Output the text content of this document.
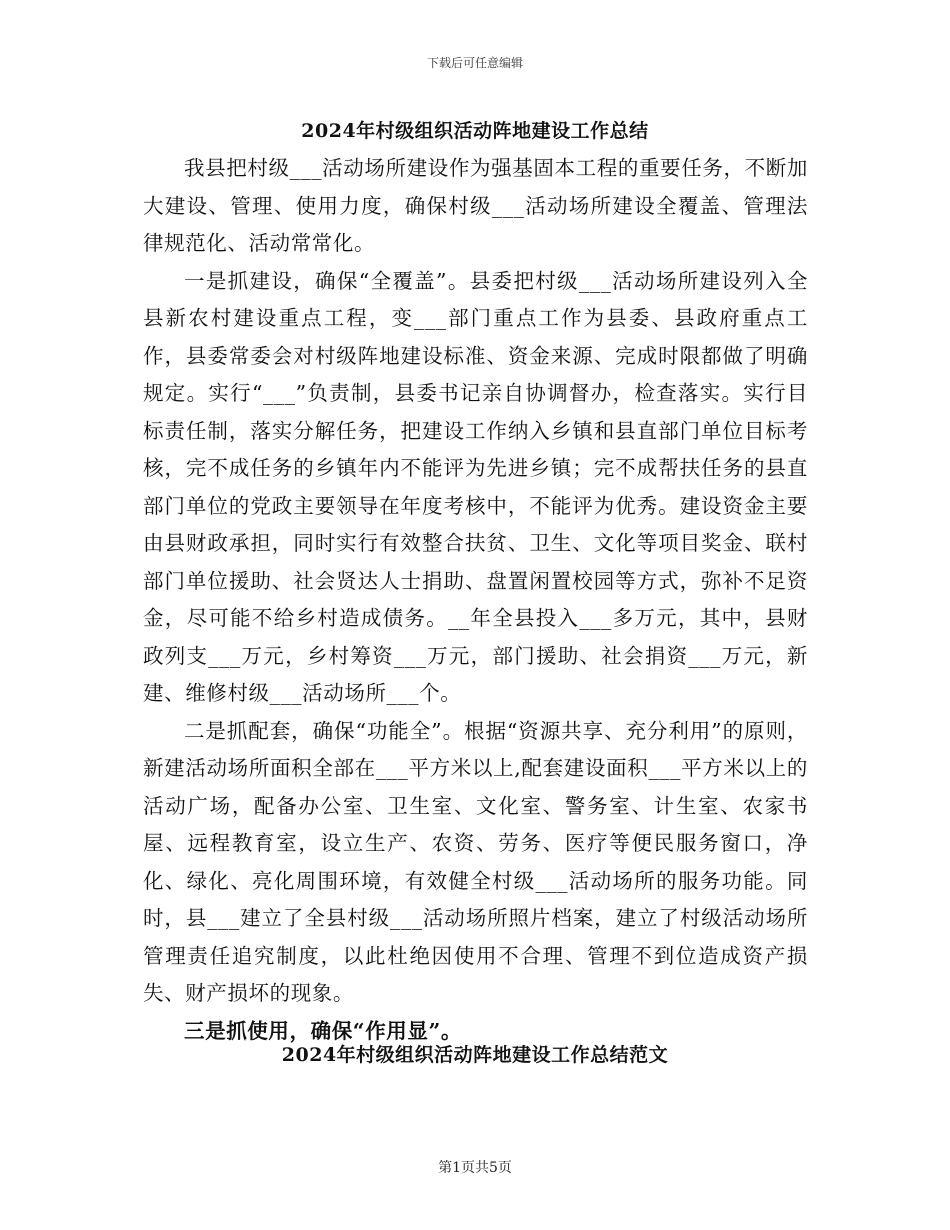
下载后可任意编辑
2024年村级组织活动阵地建设工作总结

我县把村级___活动场所建设作为强基固本工程的重要任务，不断加大建设、管理、使用力度，确保村级___活动场所建设全覆盖、管理法律规范化、活动常常化。

一是抓建设，确保“全覆盖”。县委把村级___活动场所建设列入全县新农村建设重点工程，变___部门重点工作为县委、县政府重点工作，县委常委会对村级阵地建设标准、资金来源、完成时限都做了明确规定。实行“___”负责制，县委书记亲自协调督办，检查落实。实行目标责任制，落实分解任务，把建设工作纳入乡镇和县直部门单位目标考核，完不成任务的乡镇年内不能评为先进乡镇；完不成帮扶任务的县直部门单位的党政主要领导在年度考核中，不能评为优秀。建设资金主要由县财政承担，同时实行有效整合扶贫、卫生、文化等项目奖金、联村部门单位援助、社会贤达人士捐助、盘置闲置校园等方式，弥补不足资金，尽可能不给乡村造成债务。__年全县投入___多万元，其中，县财政列支___万元，乡村筹资___万元，部门援助、社会捐资___万元，新建、维修村级___活动场所___个。

二是抓配套，确保“功能全”。根据“资源共享、充分利用”的原则，新建活动场所面积全部在___平方米以上,配套建设面积___平方米以上的活动广场，配备办公室、卫生室、文化室、警务室、计生室、农家书屋、远程教育室，设立生产、农资、劳务、医疗等便民服务窗口，净化、绿化、亮化周围环境，有效健全村级___活动场所的服务功能。同时，县___建立了全县村级___活动场所照片档案，建立了村级活动场所管理责任追究制度，以此杜绝因使用不合理、管理不到位造成资产损失、财产损坏的现象。

三是抓使用，确保“作用显”。

2024年村级组织活动阵地建设工作总结范文
第1页共5页
